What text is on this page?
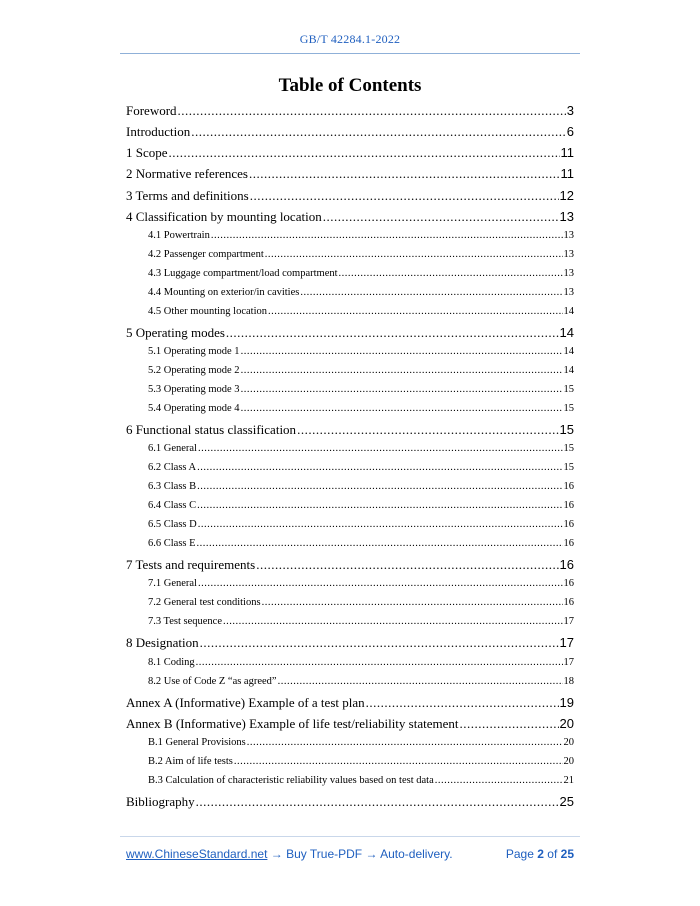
GB/T 42284.1-2022
Table of Contents
Foreword .....	3
Introduction .....	6
1 Scope .....	11
2 Normative references .....	11
3 Terms and definitions .....	12
4 Classification by mounting location .....	13
4.1 Powertrain .....	13
4.2 Passenger compartment .....	13
4.3 Luggage compartment/load compartment .....	13
4.4 Mounting on exterior/in cavities .....	13
4.5 Other mounting location .....	14
5 Operating modes .....	14
5.1 Operating mode 1 .....	14
5.2 Operating mode 2 .....	14
5.3 Operating mode 3 .....	15
5.4 Operating mode 4 .....	15
6 Functional status classification .....	15
6.1 General .....	15
6.2 Class A .....	15
6.3 Class B .....	16
6.4 Class C .....	16
6.5 Class D .....	16
6.6 Class E .....	16
7 Tests and requirements .....	16
7.1 General .....	16
7.2 General test conditions .....	16
7.3 Test sequence .....	17
8 Designation .....	17
8.1 Coding .....	17
8.2 Use of Code Z “as agreed” .....	18
Annex A (Informative) Example of a test plan .....	19
Annex B (Informative) Example of life test/reliability statement .....	20
B.1 General Provisions .....	20
B.2 Aim of life tests .....	20
B.3 Calculation of characteristic reliability values based on test data .....	21
Bibliography .....	25
www.ChineseStandard.net → Buy True-PDF → Auto-delivery.	Page 2 of 25
